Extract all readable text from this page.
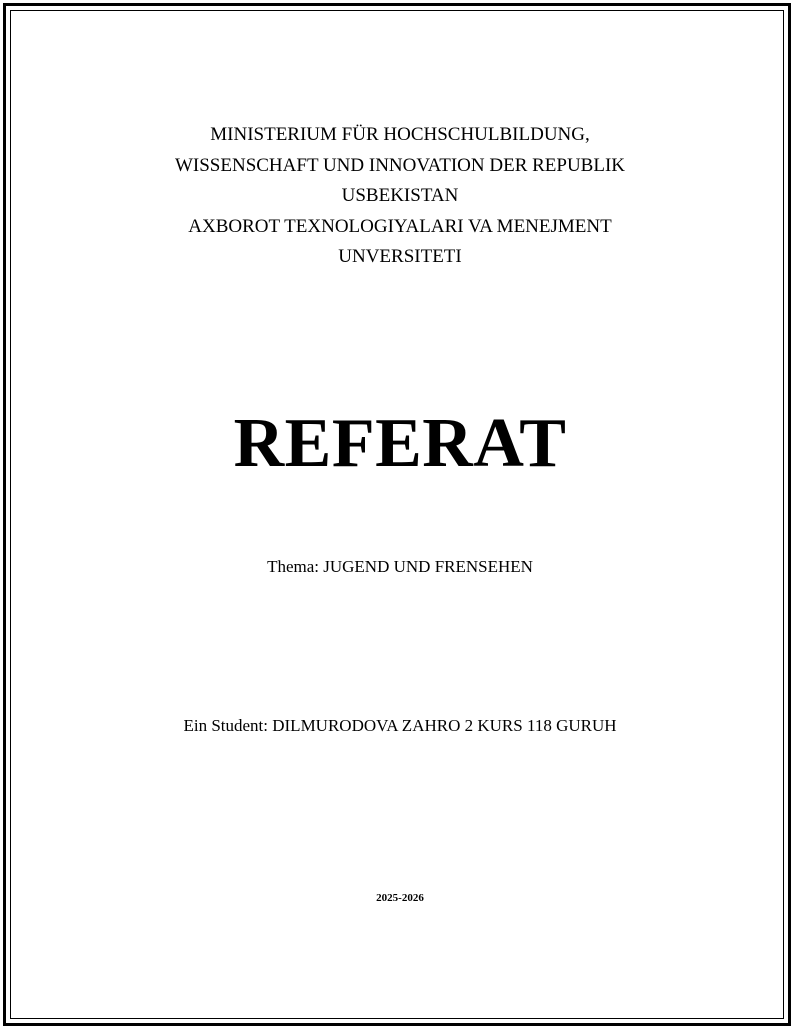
MINISTERIUM FÜR HOCHSCHULBILDUNG,
WISSENSCHAFT UND INNOVATION DER REPUBLIK
USBEKISTAN
AXBOROT TEXNOLOGIYALARI VA MENEJMENT
UNVERSITETI
REFERAT
Thema: JUGEND UND FRENSEHEN
Ein Student: DILMURODOVA ZAHRO 2 KURS 118 GURUH
2025-2026
